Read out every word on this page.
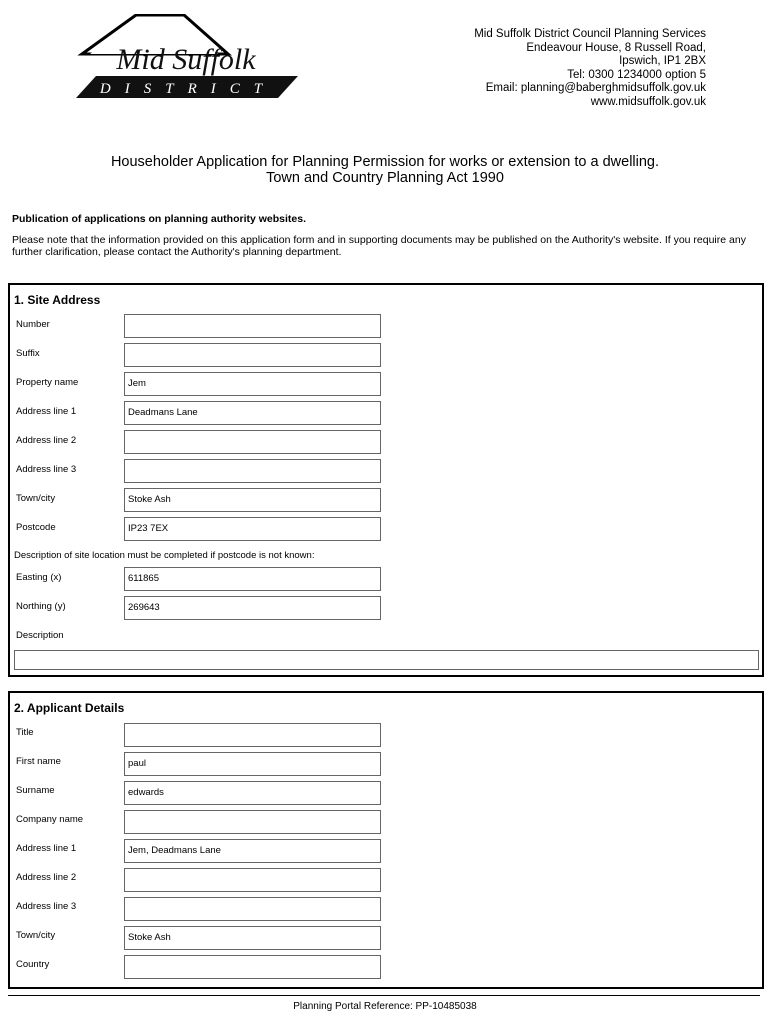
Mid Suffolk
DISTRICT
Mid Suffolk District Council Planning Services
Endeavour House, 8 Russell Road,
Ipswich, IP1 2BX
Tel: 0300 1234000 option 5
Email: planning@baberghmidsuffolk.gov.uk
www.midsuffolk.gov.uk
Householder Application for Planning Permission for works or extension to a dwelling.
Town and Country Planning Act 1990
Publication of applications on planning authority websites.
Please note that the information provided on this application form and in supporting documents may be published on the Authority's website. If you require any further clarification, please contact the Authority's planning department.
1. Site Address
Number
Suffix
Property name	Jem
Address line 1	Deadmans Lane
Address line 2
Address line 3
Town/city	Stoke Ash
Postcode	IP23 7EX
Description of site location must be completed if postcode is not known:
Easting (x)	611865
Northing (y)	269643
Description
2. Applicant Details
Title
First name	paul
Surname	edwards
Company name
Address line 1	Jem, Deadmans Lane
Address line 2
Address line 3
Town/city	Stoke Ash
Country
Planning Portal Reference: PP-10485038
